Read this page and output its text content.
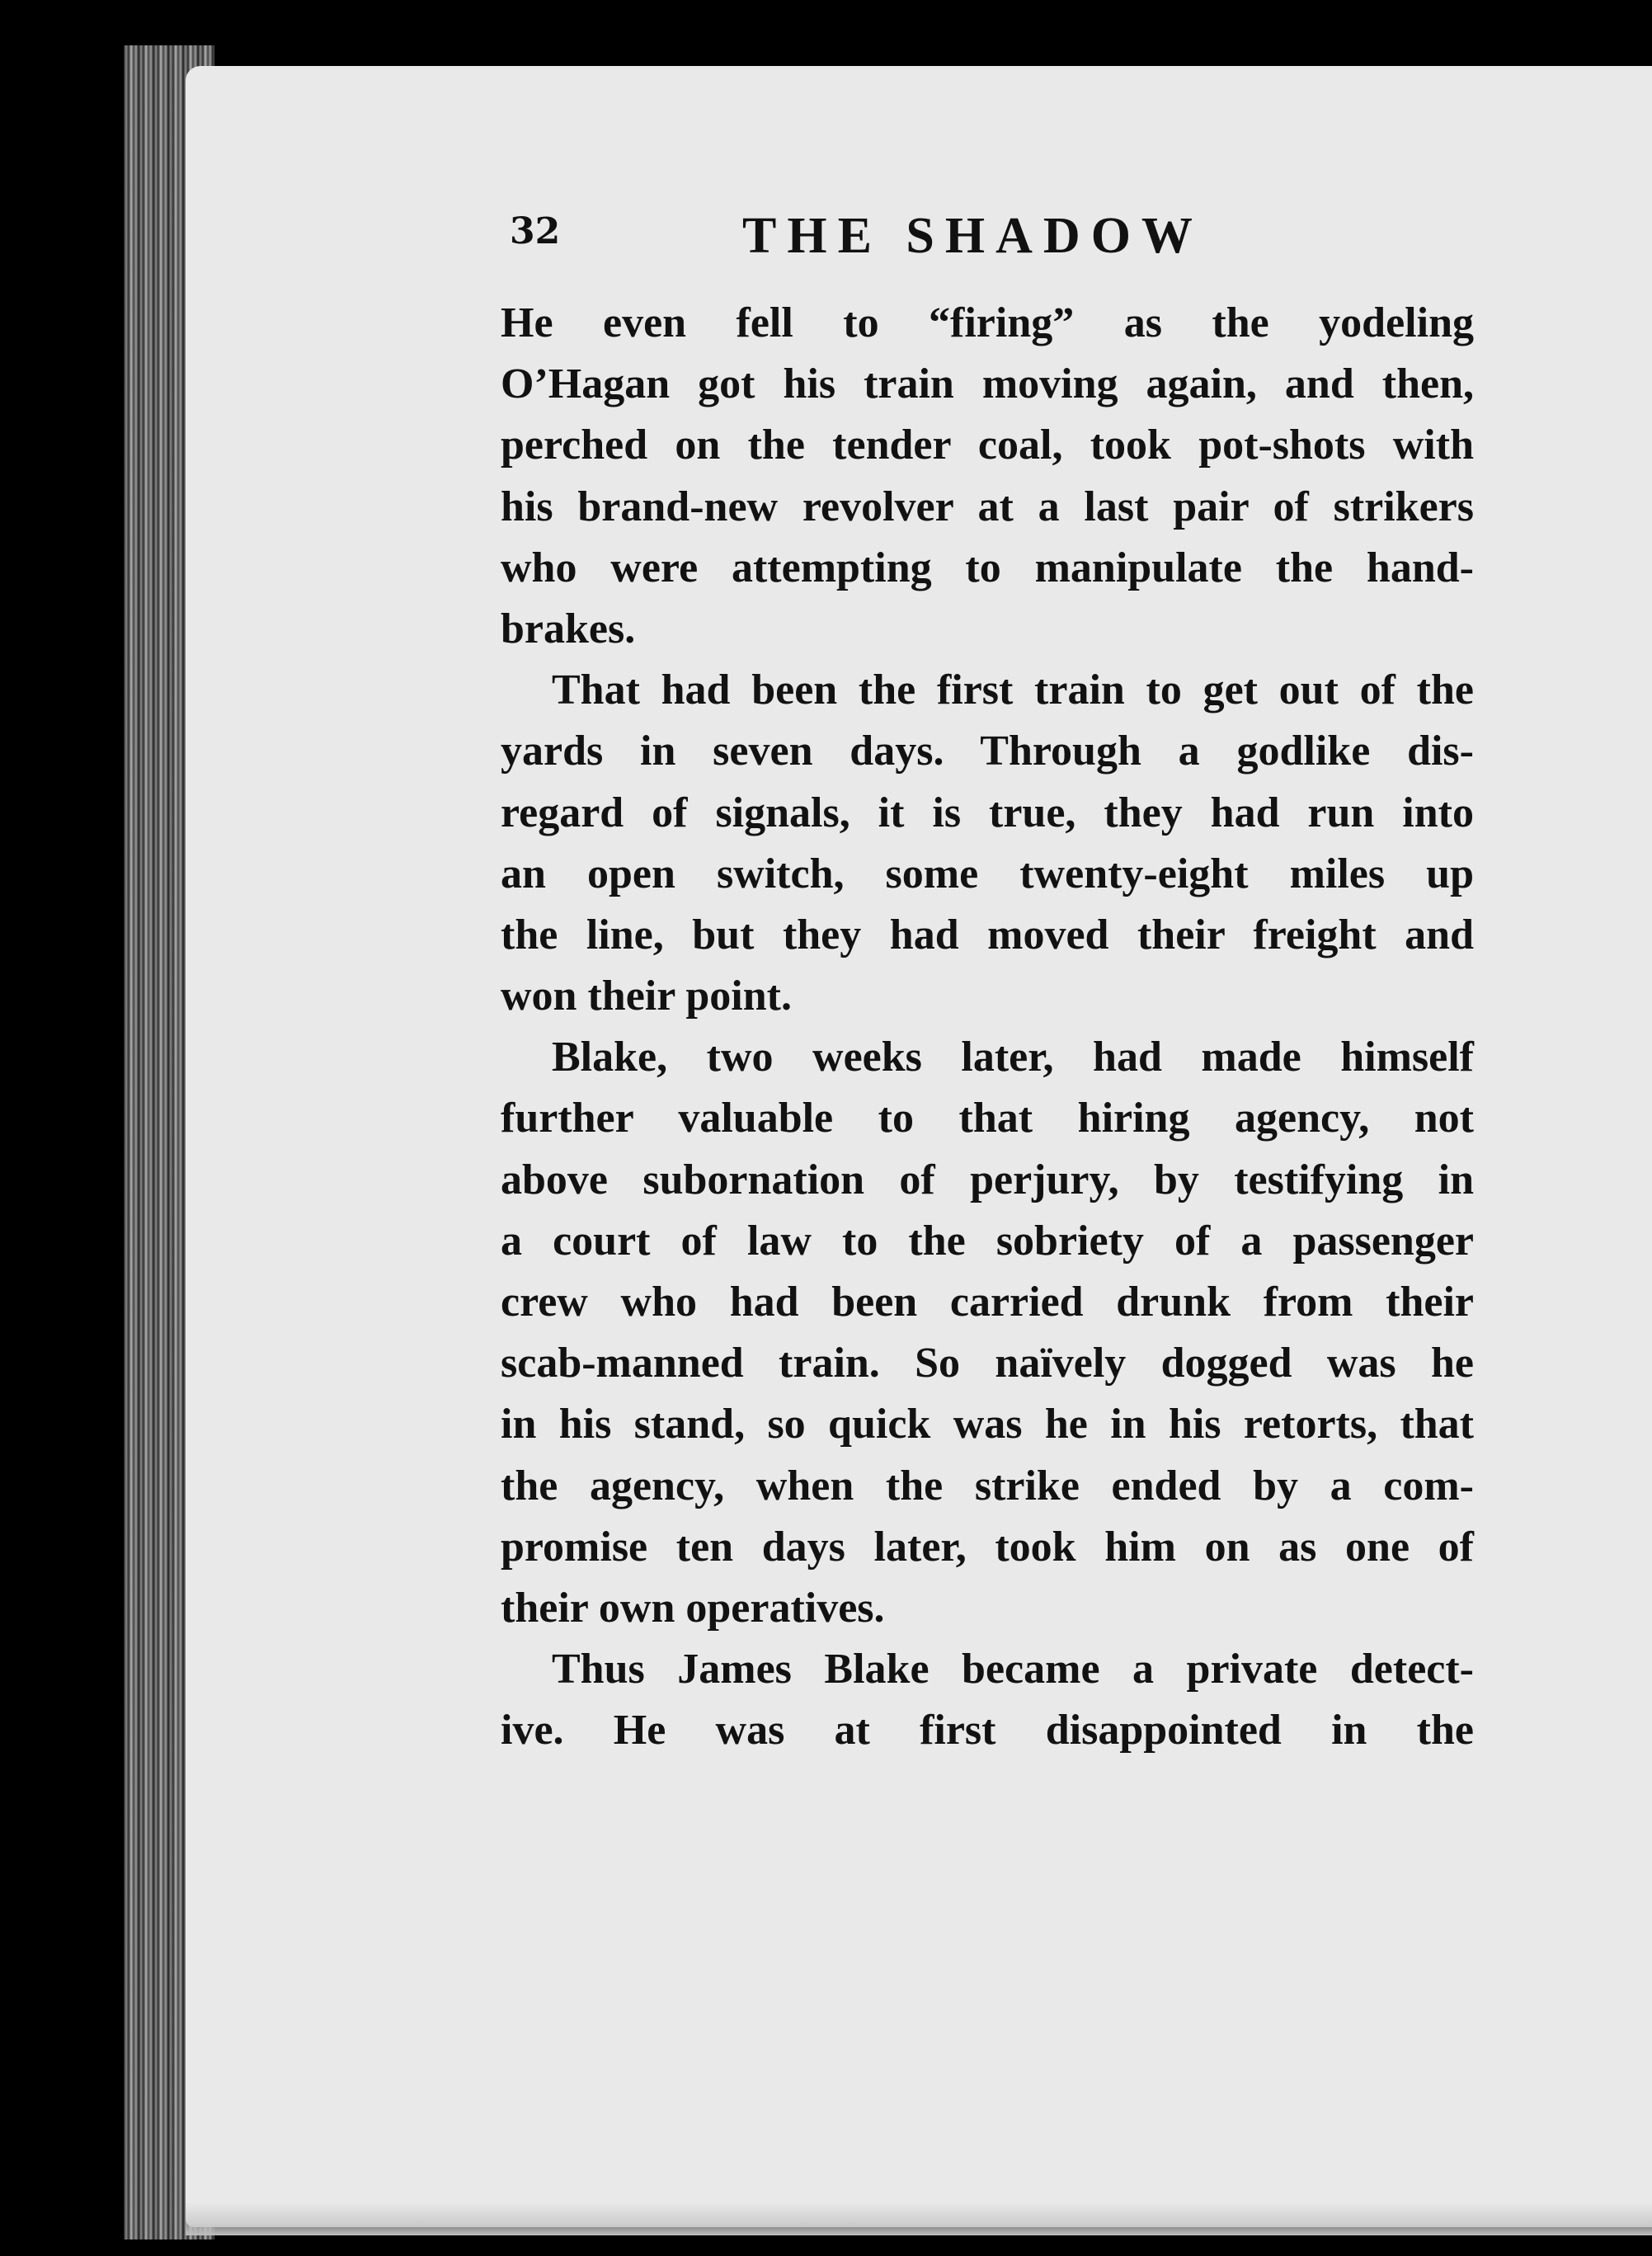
32	THE SHADOW
He even fell to “firing” as the yodeling
O’Hagan got his train moving again, and then,
perched on the tender coal, took pot-shots with
his brand-new revolver at a last pair of strikers
who were attempting to manipulate the hand-
brakes.
That had been the first train to get out of the
yards in seven days. Through a godlike dis-
regard of signals, it is true, they had run into
an open switch, some twenty-eight miles up
the line, but they had moved their freight and
won their point.
Blake, two weeks later, had made himself
further valuable to that hiring agency, not
above subornation of perjury, by testifying in
a court of law to the sobriety of a passenger
crew who had been carried drunk from their
scab-manned train. So naïvely dogged was he
in his stand, so quick was he in his retorts, that
the agency, when the strike ended by a com-
promise ten days later, took him on as one of
their own operatives.
Thus James Blake became a private detect-
ive. He was at first disappointed in the
